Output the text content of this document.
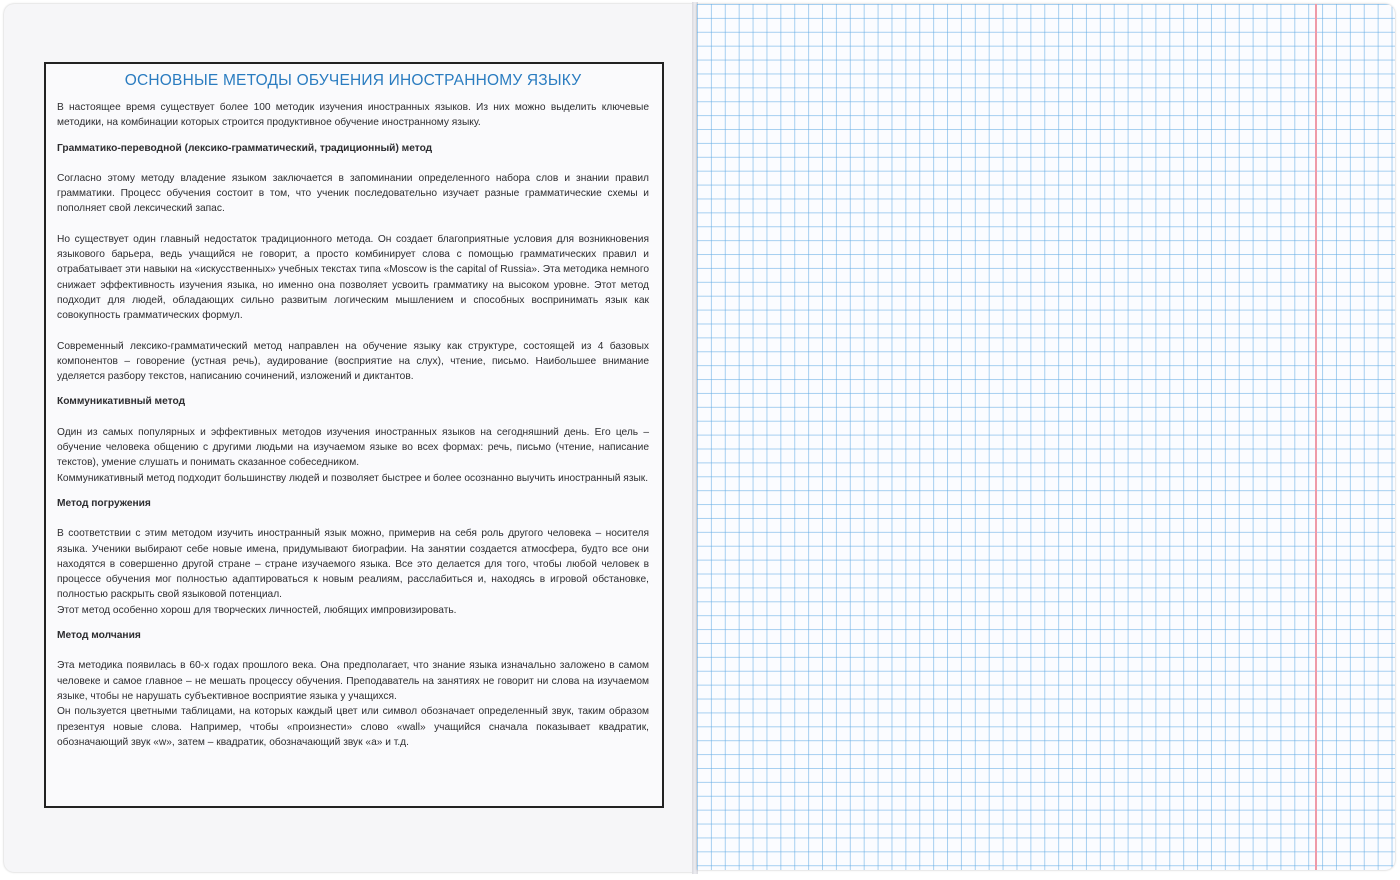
ОСНОВНЫЕ МЕТОДЫ ОБУЧЕНИЯ ИНОСТРАННОМУ ЯЗЫКУ

В настоящее время существует более 100 методик изучения иностранных языков. Из них можно выделить ключевые методики, на комбинации которых строится продуктивное обучение иностранному языку.

Грамматико-переводной (лексико-грамматический, традиционный) метод

Согласно этому методу владение языком заключается в запоминании определенного набора слов и знании правил грамматики. Процесс обучения состоит в том, что ученик последовательно изучает разные грамматические схемы и пополняет свой лексический запас.

Но существует один главный недостаток традиционного метода. Он создает благоприятные условия для возникновения языкового барьера, ведь учащийся не говорит, а просто комбинирует слова с помощью грамматических правил и отрабатывает эти навыки на «искусственных» учебных текстах типа «Moscow is the capital of Russia». Эта методика немного снижает эффективность изучения языка, но именно она позволяет усвоить грамматику на высоком уровне. Этот метод подходит для людей, обладающих сильно развитым логическим мышлением и способных воспринимать язык как совокупность грамматических формул.

Современный лексико-грамматический метод направлен на обучение языку как структуре, состоящей из 4 базовых компонентов – говорение (устная речь), аудирование (восприятие на слух), чтение, письмо. Наибольшее внимание уделяется разбору текстов, написанию сочинений, изложений и диктантов.

Коммуникативный метод

Один из самых популярных и эффективных методов изучения иностранных языков на сегодняшний день. Его цель – обучение человека общению с другими людьми на изучаемом языке во всех формах: речь, письмо (чтение, написание текстов), умение слушать и понимать сказанное собеседником.

Коммуникативный метод подходит большинству людей и позволяет быстрее и более осознанно выучить иностранный язык.

Метод погружения

В соответствии с этим методом изучить иностранный язык можно, примерив на себя роль другого человека – носителя языка. Ученики выбирают себе новые имена, придумывают биографии. На занятии создается атмосфера, будто все они находятся в совершенно другой стране – стране изучаемого языка. Все это делается для того, чтобы любой человек в процессе обучения мог полностью адаптироваться к новым реалиям, расслабиться и, находясь в игровой обстановке, полностью раскрыть свой языковой потенциал.

Этот метод особенно хорош для творческих личностей, любящих импровизировать.

Метод молчания

Эта методика появилась в 60-х годах прошлого века. Она предполагает, что знание языка изначально заложено в самом человеке и самое главное – не мешать процессу обучения. Преподаватель на занятиях не говорит ни слова на изучаемом языке, чтобы не нарушать субъективное восприятие языка у учащихся.

Он пользуется цветными таблицами, на которых каждый цвет или символ обозначает определенный звук, таким образом презентуя новые слова. Например, чтобы «произнести» слово «wall» учащийся сначала показывает квадратик, обозначающий звук «w», затем – квадратик, обозначающий звук «a» и т.д.
